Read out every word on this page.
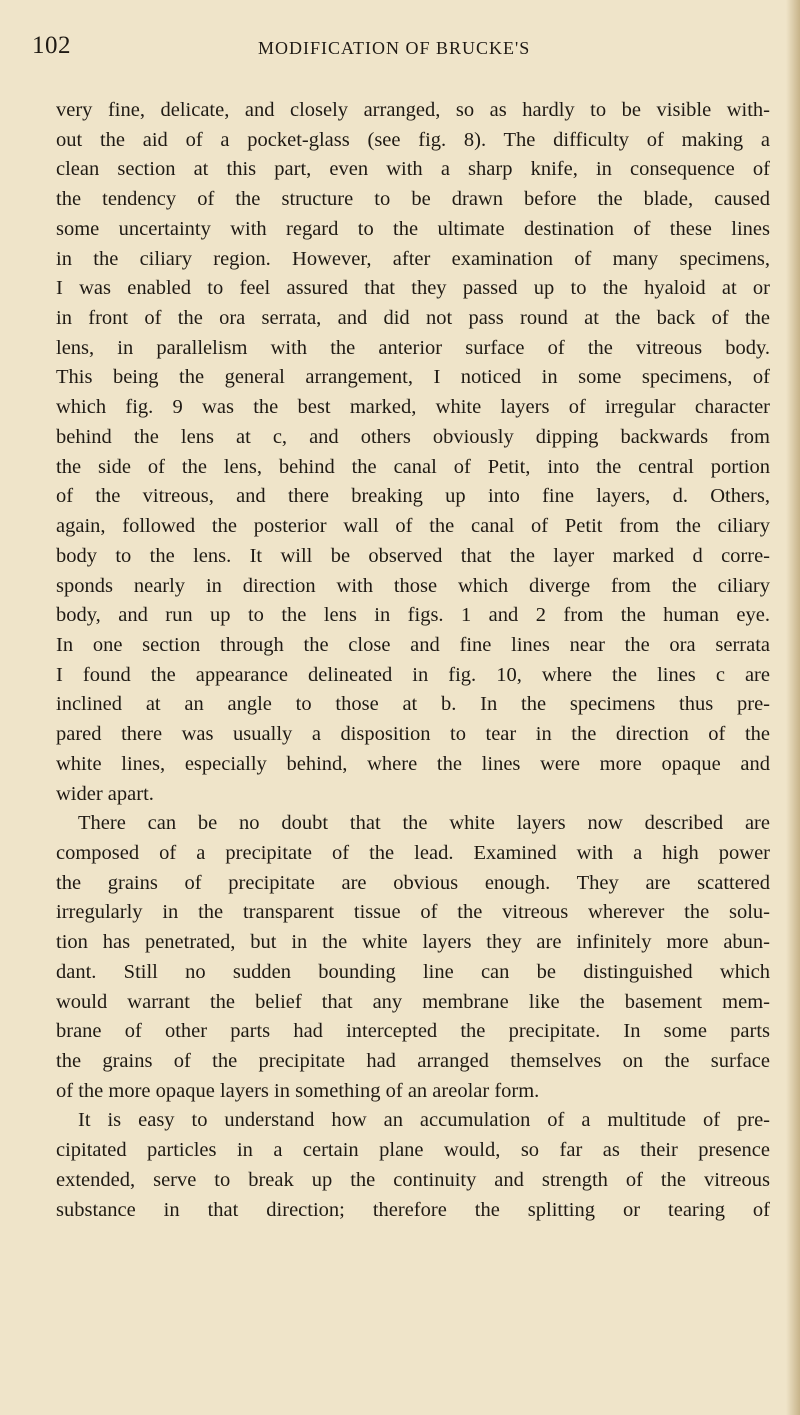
102	MODIFICATION OF BRUCKE'S
very fine, delicate, and closely arranged, so as hardly to be visible with-
out the aid of a pocket-glass (see fig. 8). The difficulty of making a
clean section at this part, even with a sharp knife, in consequence of
the tendency of the structure to be drawn before the blade, caused
some uncertainty with regard to the ultimate destination of these lines
in the ciliary region. However, after examination of many specimens,
I was enabled to feel assured that they passed up to the hyaloid at or
in front of the ora serrata, and did not pass round at the back of the
lens, in parallelism with the anterior surface of the vitreous body.
This being the general arrangement, I noticed in some specimens, of
which fig. 9 was the best marked, white layers of irregular character
behind the lens at c, and others obviously dipping backwards from
the side of the lens, behind the canal of Petit, into the central portion
of the vitreous, and there breaking up into fine layers, d. Others,
again, followed the posterior wall of the canal of Petit from the ciliary
body to the lens. It will be observed that the layer marked d corre-
sponds nearly in direction with those which diverge from the ciliary
body, and run up to the lens in figs. 1 and 2 from the human eye.
In one section through the close and fine lines near the ora serrata
I found the appearance delineated in fig. 10, where the lines c are
inclined at an angle to those at b. In the specimens thus pre-
pared there was usually a disposition to tear in the direction of the
white lines, especially behind, where the lines were more opaque and
wider apart.
There can be no doubt that the white layers now described are
composed of a precipitate of the lead. Examined with a high power
the grains of precipitate are obvious enough. They are scattered
irregularly in the transparent tissue of the vitreous wherever the solu-
tion has penetrated, but in the white layers they are infinitely more abun-
dant. Still no sudden bounding line can be distinguished which
would warrant the belief that any membrane like the basement mem-
brane of other parts had intercepted the precipitate. In some parts
the grains of the precipitate had arranged themselves on the surface
of the more opaque layers in something of an areolar form.
It is easy to understand how an accumulation of a multitude of pre-
cipitated particles in a certain plane would, so far as their presence
extended, serve to break up the continuity and strength of the vitreous
substance in that direction; therefore the splitting or tearing of
